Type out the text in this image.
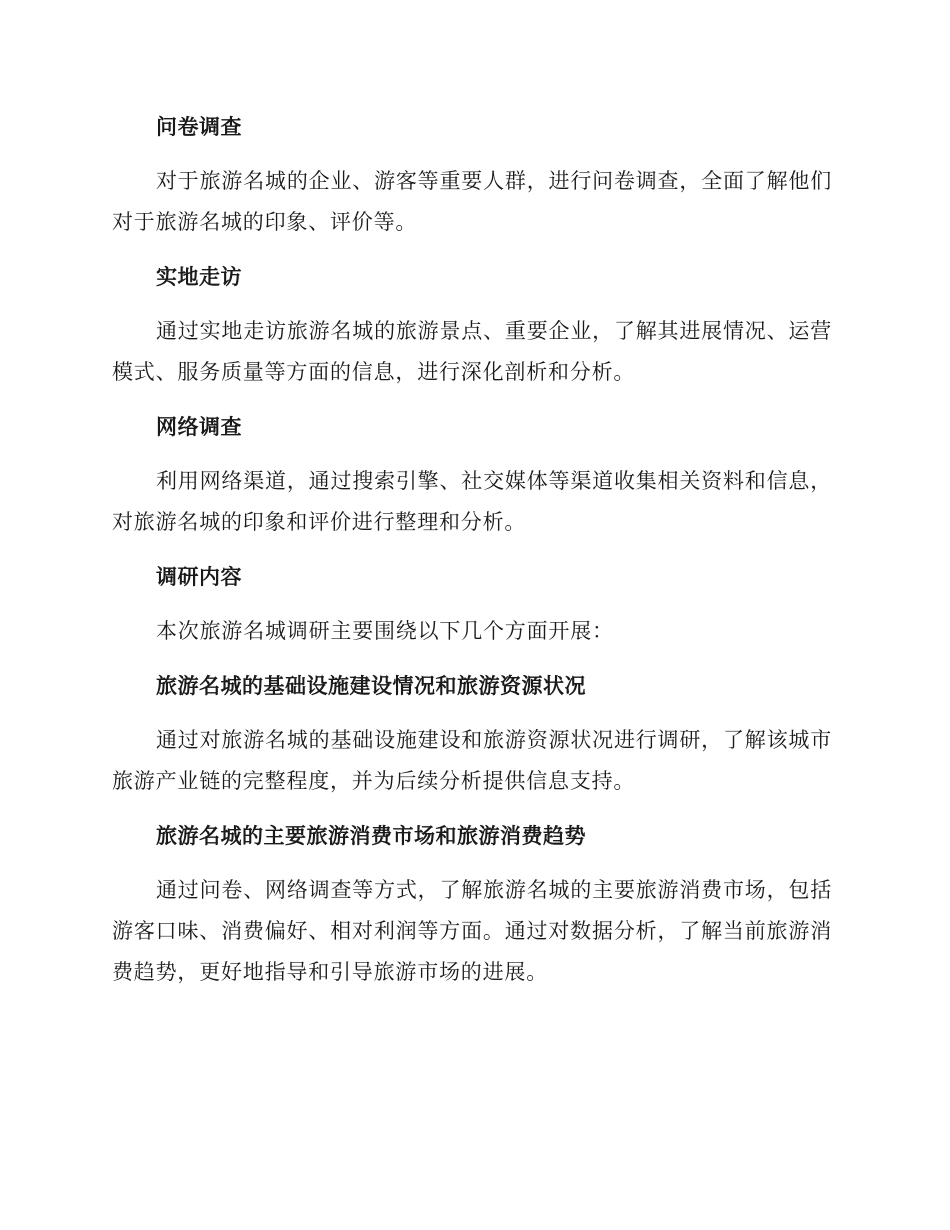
问卷调查
对于旅游名城的企业、游客等重要人群，进行问卷调查，全面了解他们对于旅游名城的印象、评价等。
实地走访
通过实地走访旅游名城的旅游景点、重要企业，了解其进展情况、运营模式、服务质量等方面的信息，进行深化剖析和分析。
网络调查
利用网络渠道，通过搜索引擎、社交媒体等渠道收集相关资料和信息，对旅游名城的印象和评价进行整理和分析。
调研内容
本次旅游名城调研主要围绕以下几个方面开展：
旅游名城的基础设施建设情况和旅游资源状况
通过对旅游名城的基础设施建设和旅游资源状况进行调研，了解该城市旅游产业链的完整程度，并为后续分析提供信息支持。
旅游名城的主要旅游消费市场和旅游消费趋势
通过问卷、网络调查等方式，了解旅游名城的主要旅游消费市场，包括游客口味、消费偏好、相对利润等方面。通过对数据分析，了解当前旅游消费趋势，更好地指导和引导旅游市场的进展。
